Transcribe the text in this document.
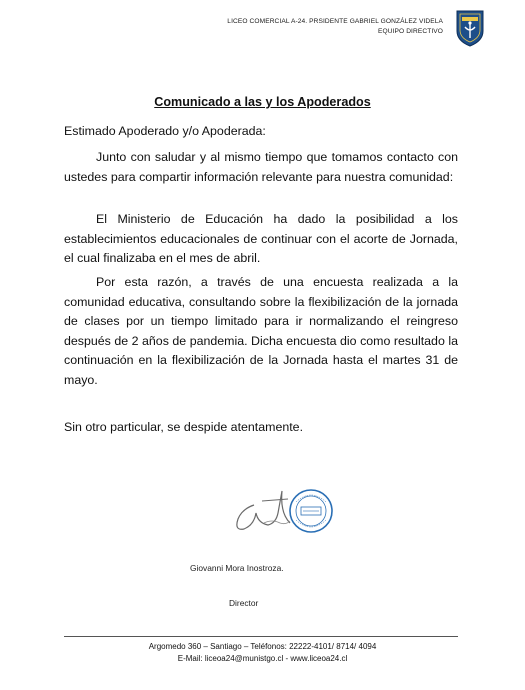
LICEO COMERCIAL A-24. PRSIDENTE GABRIEL GONZÁLEZ VIDELA
EQUIPO DIRECTIVO
Comunicado a las y los Apoderados
Estimado Apoderado y/o Apoderada:

Junto con saludar y al mismo tiempo que tomamos contacto con ustedes para compartir información relevante para nuestra comunidad:

El Ministerio de Educación ha dado la posibilidad a los establecimientos educacionales de continuar con el acorte de Jornada, el cual finalizaba en el mes de abril.

Por esta razón, a través de una encuesta realizada a la comunidad educativa, consultando sobre la flexibilización de la jornada de clases por un tiempo limitado para ir normalizando el reingreso después de 2 años de pandemia. Dicha encuesta dio como resultado la continuación en la flexibilización de la Jornada hasta el martes 31 de mayo.

Sin otro particular, se despide atentamente.
Giovanni Mora Inostroza.
Director
Argomedo 360 – Santiago – Teléfonos: 22222-4101/ 8714/ 4094
E-Mail: liceoa24@munistgo.cl - www.liceoa24.cl
